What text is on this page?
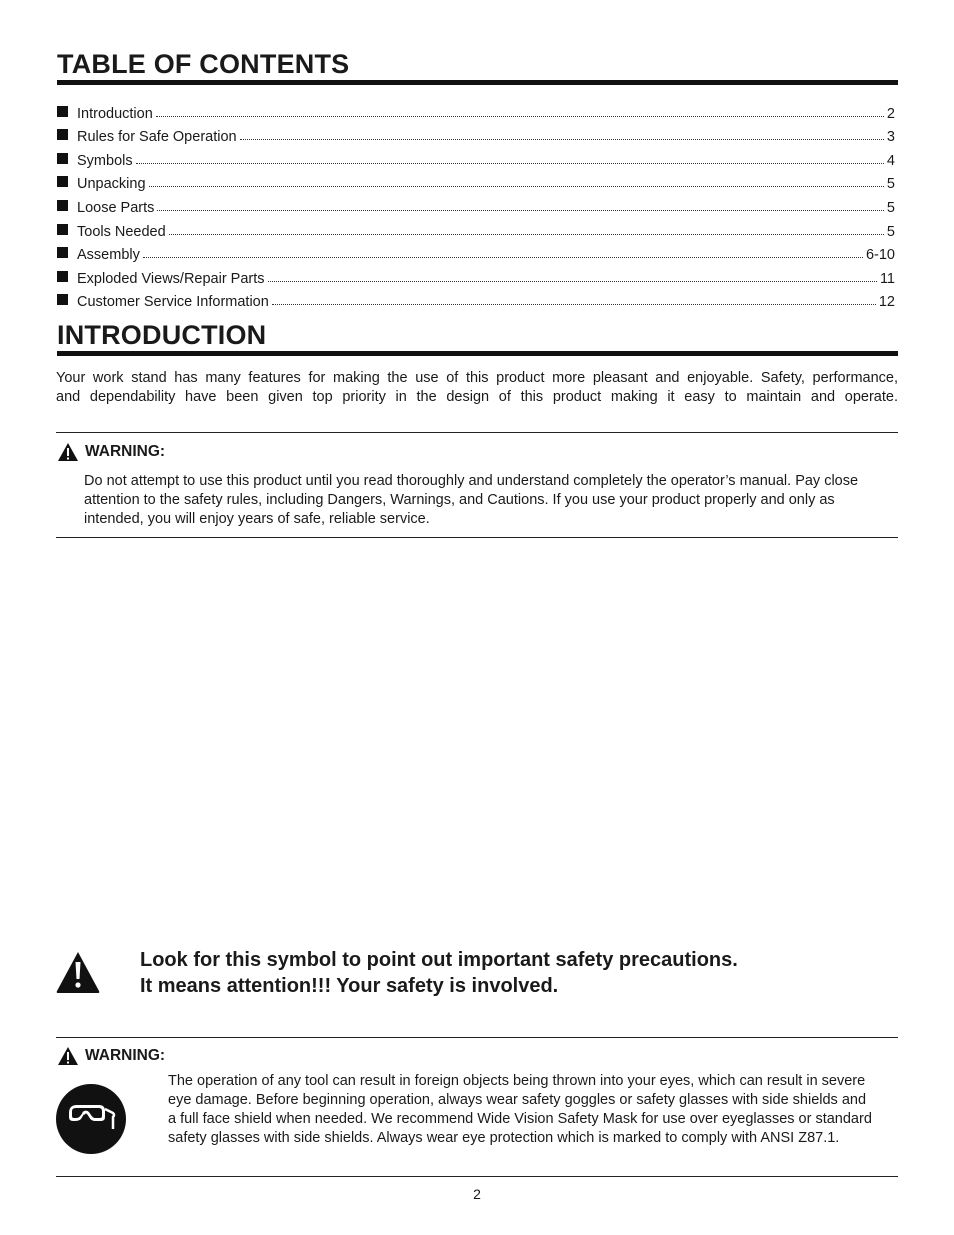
TABLE OF CONTENTS
Introduction	2
Rules for Safe Operation	3
Symbols	4
Unpacking	5
Loose Parts	5
Tools Needed	5
Assembly	6-10
Exploded Views/Repair Parts	11
Customer Service Information	12
INTRODUCTION

Your work stand has many features for making the use of this product more pleasant and enjoyable. Safety, performance,

and dependability have been given top priority in the design of this product making it easy to maintain and operate.

WARNING:

Do not attempt to use this product until you read thoroughly and understand completely the operator’s manual. Pay close attention to the safety rules, including Dangers, Warnings, and Cautions. If you use your product properly and only as intended, you will enjoy years of safe, reliable service.

Look for this symbol to point out important safety precautions.

It means attention!!! Your safety is involved.

WARNING:

The operation of any tool can result in foreign objects being thrown into your eyes, which can result in severe eye damage. Before beginning operation, always wear safety goggles or safety glasses with side shields and a full face shield when needed. We recommend Wide Vision Safety Mask for use over eyeglasses or standard safety glasses with side shields. Always wear eye protection which is marked to comply with ANSI Z87.1.

2
